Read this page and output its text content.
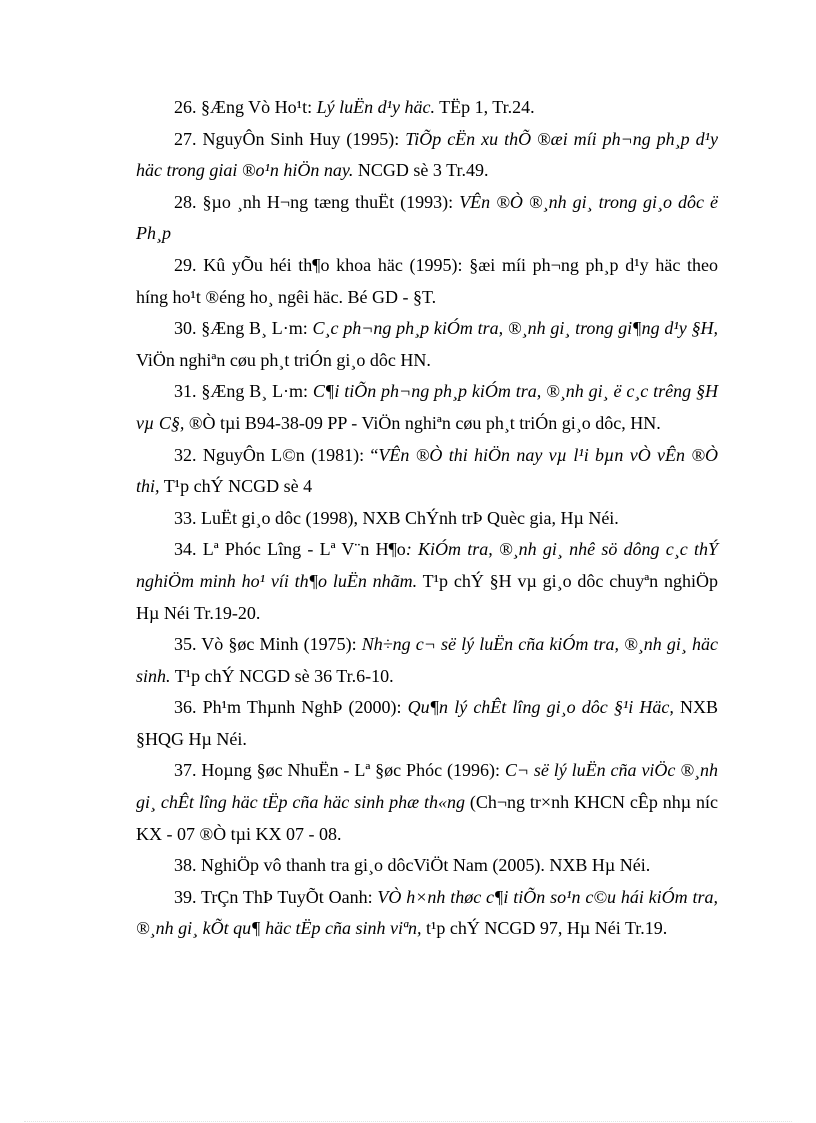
26. §Æng Vò Ho¹t: Lý luËn d¹y häc. TËp 1, Tr.24.

27. NguyÔn Sinh Huy (1995): TiÕp cËn xu thÕ ®æi míi ph¬ng ph¸p d¹y häc trong giai ®o¹n hiÖn nay. NCGD sè 3 Tr.49.

28. §µo ¸nh H¬ng tæng thuËt (1993): VÊn ®Ò ®¸nh gi¸ trong gi¸o dôc ë Ph¸p

29. Kû yÕu héi th¶o khoa häc (1995): §æi míi ph¬ng ph¸p d¹y häc theo híng ho¹t ®éng ho¸ ngêi häc. Bé GD - §T.

30. §Æng B¸ L·m: C¸c ph¬ng ph¸p kiÓm tra, ®¸nh gi¸ trong gi¶ng d¹y §H, ViÖn nghiªn cøu ph¸t triÓn gi¸o dôc HN.

31. §Æng B¸ L·m: C¶i tiÕn ph¬ng ph¸p kiÓm tra, ®¸nh gi¸ ë c¸c trêng §H vµ C§, ®Ò tµi B94-38-09 PP - ViÖn nghiªn cøu ph¸t triÓn gi¸o dôc, HN.

32. NguyÔn L©n (1981): “VÊn ®Ò thi hiÖn nay vµ l¹i bµn vÒ vÊn ®Ò thi, T¹p chÝ NCGD sè 4

33. LuËt gi¸o dôc (1998), NXB ChÝnh trÞ Quèc gia, Hµ Néi.

34. Lª Phóc Lîng - Lª V¨n H¶o: KiÓm tra, ®¸nh gi¸ nhê sö dông c¸c thÝ nghiÖm minh ho¹ víi th¶o luËn nhãm. T¹p chÝ §H vµ gi¸o dôc chuyªn nghiÖp Hµ Néi Tr.19-20.

35. Vò §øc Minh (1975): Nh÷ng c¬ së lý luËn cña kiÓm tra, ®¸nh gi¸ häc sinh. T¹p chÝ NCGD sè 36 Tr.6-10.

36. Ph¹m Thµnh NghÞ (2000): Qu¶n lý chÊt lîng gi¸o dôc §¹i Häc, NXB §HQG Hµ Néi.

37. Hoµng §øc NhuËn - Lª §øc Phóc (1996): C¬ së lý luËn cña viÖc ®¸nh gi¸ chÊt lîng häc tËp cña häc sinh phæ th«ng (Ch¬ng tr×nh KHCN cÊp nhµ níc KX - 07 ®Ò tµi KX 07 - 08.

38. NghiÖp vô thanh tra gi¸o dôcViÖt Nam (2005). NXB Hµ Néi.

39. TrÇn ThÞ TuyÕt Oanh: VÒ h×nh thøc c¶i tiÕn so¹n c©u hái kiÓm tra, ®¸nh gi¸ kÕt qu¶ häc tËp cña sinh viªn, t¹p chÝ NCGD 97, Hµ Néi Tr.19.
